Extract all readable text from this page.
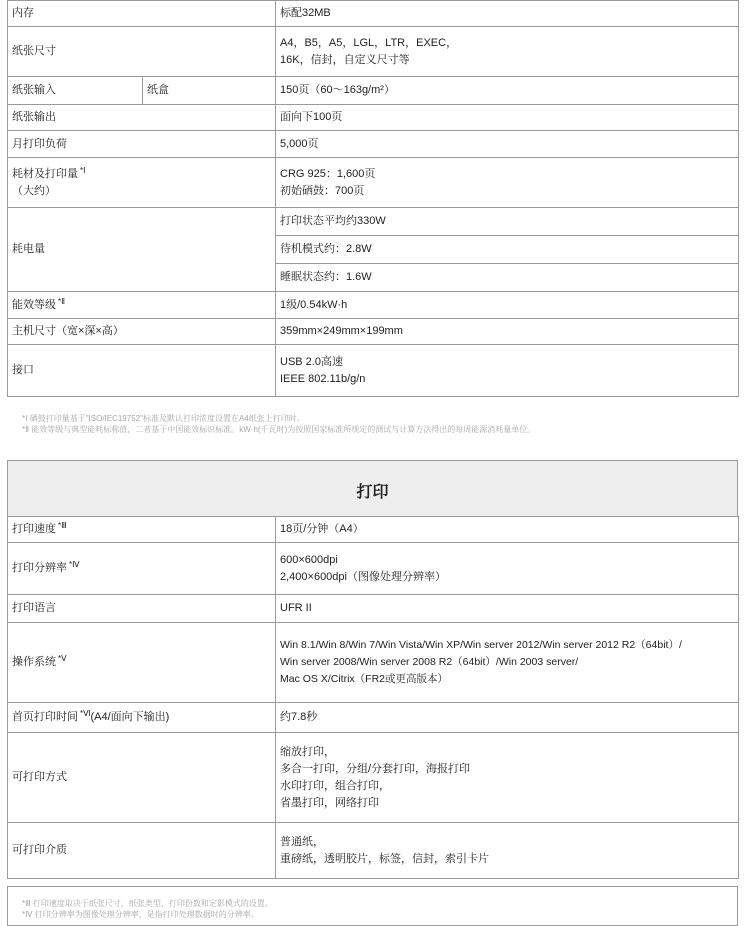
内存		标配32MB

纸张尺寸		A4，B5，A5，LGL，LTR，EXEC，
16K，信封，自定义尺寸等

纸张输入	纸盒	150页（60～163g/m²）

纸张输出		面向下100页

月打印负荷		5,000页

耗材及打印量 $^{*Ⅰ}$
（大约）		CRG 925：1,600页
初始硒鼓：700页

耗电量		打印状态平均约330W

		待机模式约：2.8W

		睡眠状态约：1.6W

能效等级 $^{*Ⅱ}$		1级/0.54kW·h

主机尺寸（宽×深×高）		359mm×249mm×199mm

接口		USB 2.0高速
IEEE 802.11b/g/n
*Ⅰ 硒鼓打印量基于"ISO/IEC19752"标准及默认打印浓度设置在A4纸张上打印时。
*Ⅱ 能效等级与典型能耗标称值，二者基于中国能效标识标准。kW·h(千瓦时)为按照国家标准所规定的测试与计算方法得出的每周能源消耗量单位。
打印
打印速度 $^{*Ⅲ}$	18页/分钟（A4）

打印分辨率 $^{*Ⅳ}$	600×600dpi
2,400×600dpi（图像处理分辨率）

打印语言	UFR II

操作系统 $^{*Ⅴ}$	Win 8.1/Win 8/Win 7/Win Vista/Win XP/Win server 2012/Win server 2012 R2（64bit）/
Win server 2008/Win server 2008 R2（64bit）/Win 2003 server/
Mac OS X/Citrix（FR2或更高版本）

首页打印时间 $^{*Ⅵ}$(A4/面向下输出)	约7.8秒

可打印方式	缩放打印，
多合一打印，分组/分套打印，海报打印
水印打印，组合打印，
省墨打印，网络打印

可打印介质	普通纸，
重磅纸，透明胶片，标签，信封，索引卡片
*Ⅲ 打印速度取决于纸张尺寸，纸张类型，打印份数和定影模式的设置。
*Ⅳ 打印分辨率为图像处理分辨率，是指打印处理数据时的分辨率。
